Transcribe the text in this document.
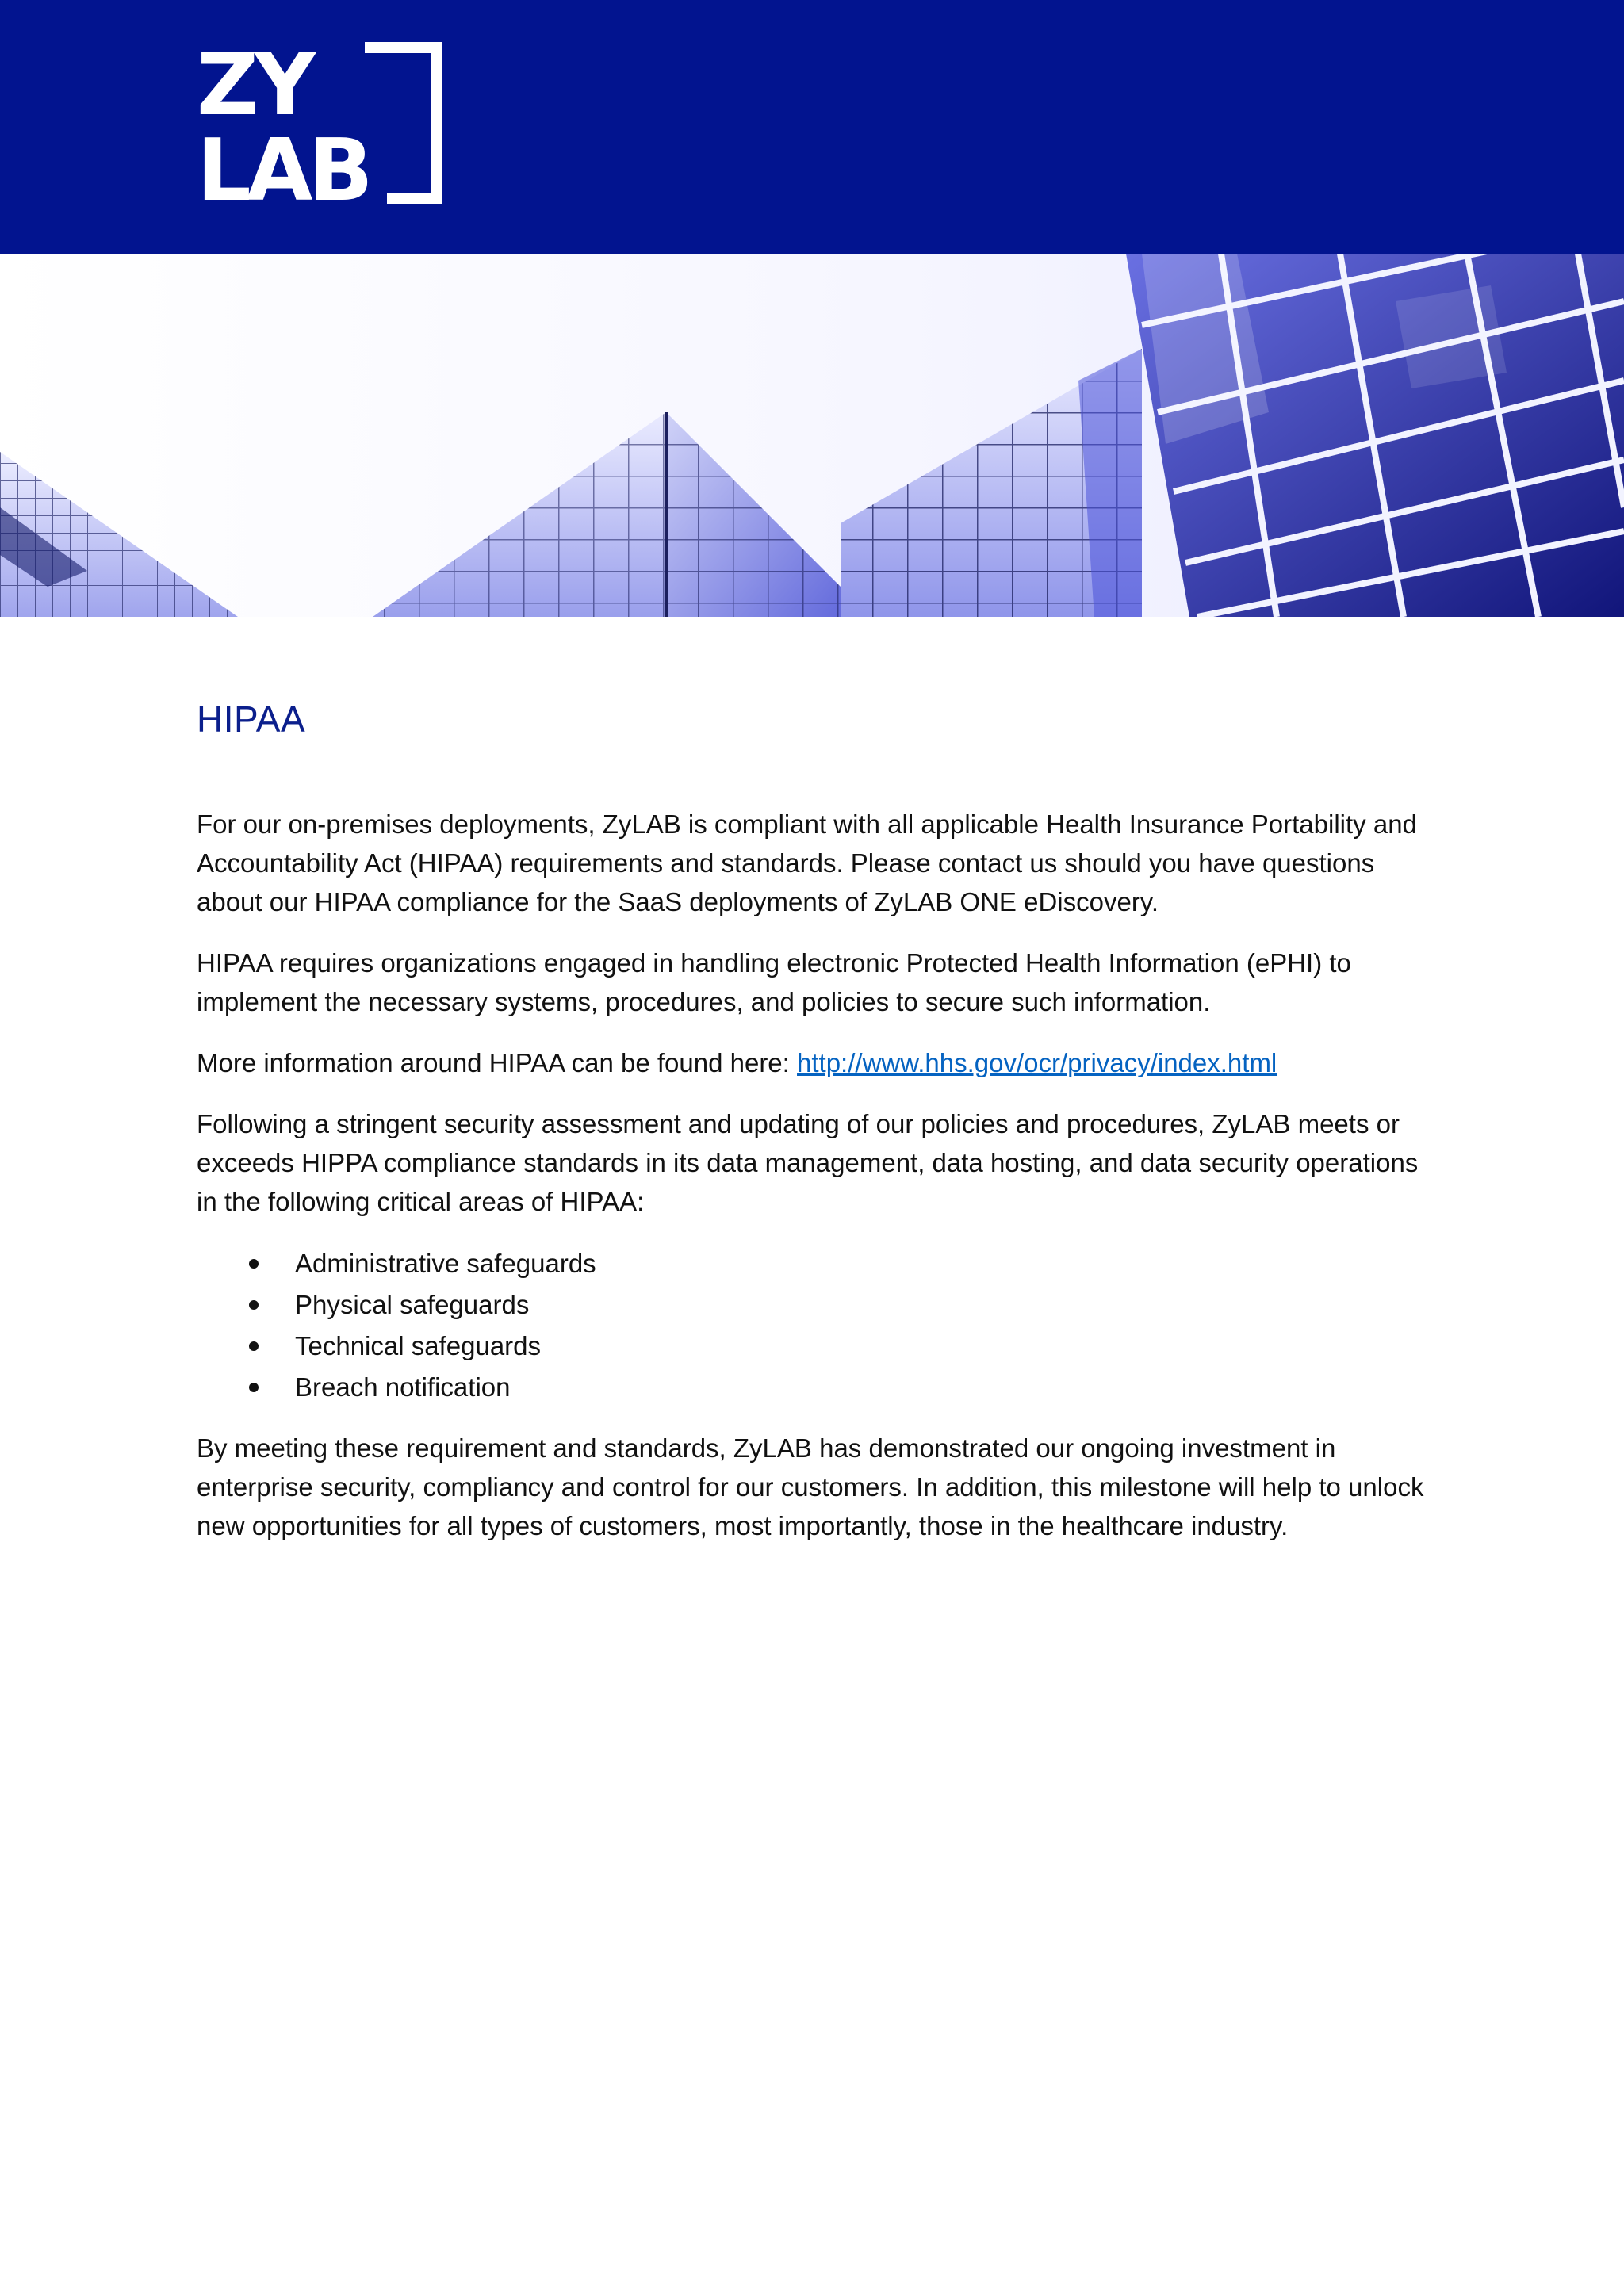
ZY
LAB
HIPAA

For our on-premises deployments, ZyLAB is compliant with all applicable Health Insurance Portability and Accountability Act (HIPAA) requirements and standards. Please contact us should you have questions about our HIPAA compliance for the SaaS deployments of ZyLAB ONE eDiscovery.

HIPAA requires organizations engaged in handling electronic Protected Health Information (ePHI) to implement the necessary systems, procedures, and policies to secure such information.

More information around HIPAA can be found here: http://www.hhs.gov/ocr/privacy/index.html

Following a stringent security assessment and updating of our policies and procedures, ZyLAB meets or exceeds HIPPA compliance standards in its data management, data hosting, and data security operations in the following critical areas of HIPAA:

Administrative safeguards
Physical safeguards
Technical safeguards
Breach notification

By meeting these requirement and standards, ZyLAB has demonstrated our ongoing investment in enterprise security, compliancy and control for our customers. In addition, this milestone will help to unlock new opportunities for all types of customers, most importantly, those in the healthcare industry.
